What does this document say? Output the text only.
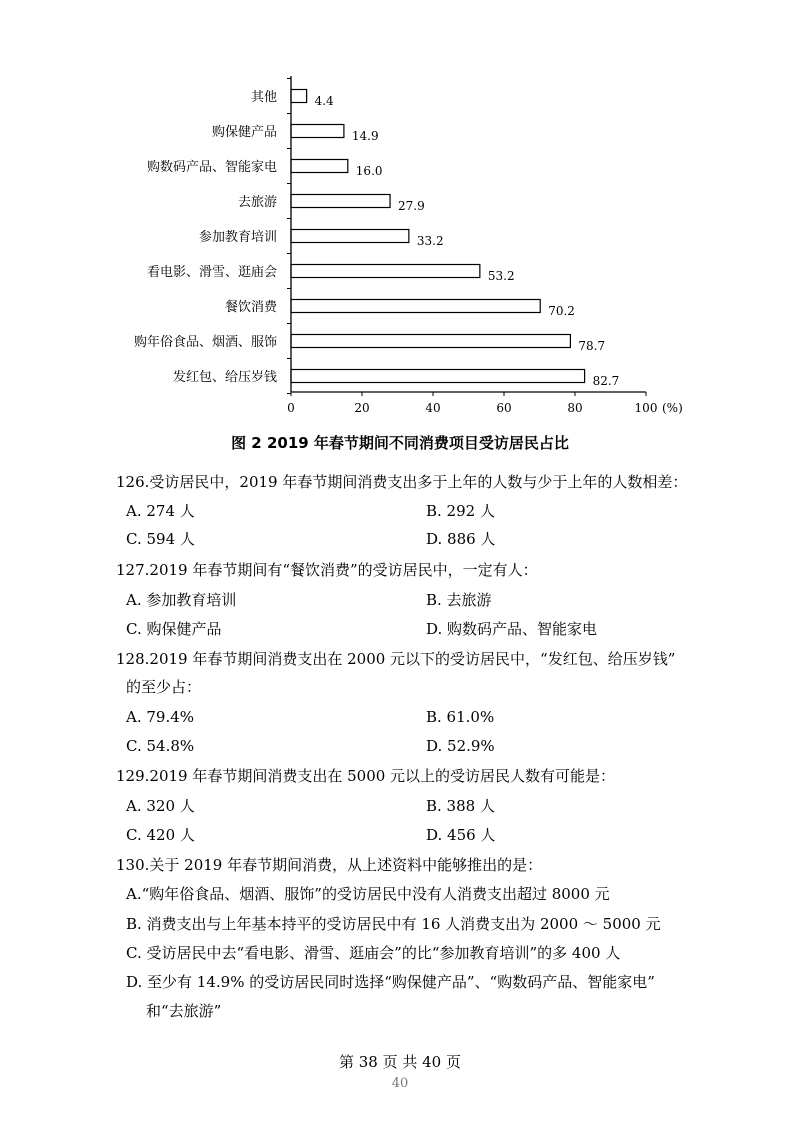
其他	4.4
购保健产品	14.9
购数码产品、智能家电	16.0
去旅游	27.9
参加教育培训	33.2
看电影、滑雪、逛庙会	53.2
餐饮消费	70.2
购年俗食品、烟酒、服饰	78.7
发红包、给压岁钱	82.7
0	20	40	60	80	100 (%)
图 2 2019 年春节期间不同消费项目受访居民占比
126.受访居民中，2019 年春节期间消费支出多于上年的人数与少于上年的人数相差：
A. 274 人	B. 292 人
C. 594 人	D. 886 人
127.2019 年春节期间有“餐饮消费”的受访居民中，一定有人：
A. 参加教育培训	B. 去旅游
C. 购保健产品	D. 购数码产品、智能家电
128.2019 年春节期间消费支出在 2000 元以下的受访居民中，“发红包、给压岁钱”
的至少占：
A. 79.4%	B. 61.0%
C. 54.8%	D. 52.9%
129.2019 年春节期间消费支出在 5000 元以上的受访居民人数有可能是：
A. 320 人	B. 388 人
C. 420 人	D. 456 人
130.关于 2019 年春节期间消费，从上述资料中能够推出的是：
A.“购年俗食品、烟酒、服饰”的受访居民中没有人消费支出超过 8000 元
B. 消费支出与上年基本持平的受访居民中有 16 人消费支出为 2000 ～ 5000 元
C. 受访居民中去“看电影、滑雪、逛庙会”的比“参加教育培训”的多 400 人
D. 至少有 14.9% 的受访居民同时选择“购保健产品”、“购数码产品、智能家电”
和“去旅游”
第 38 页 共 40 页
40
